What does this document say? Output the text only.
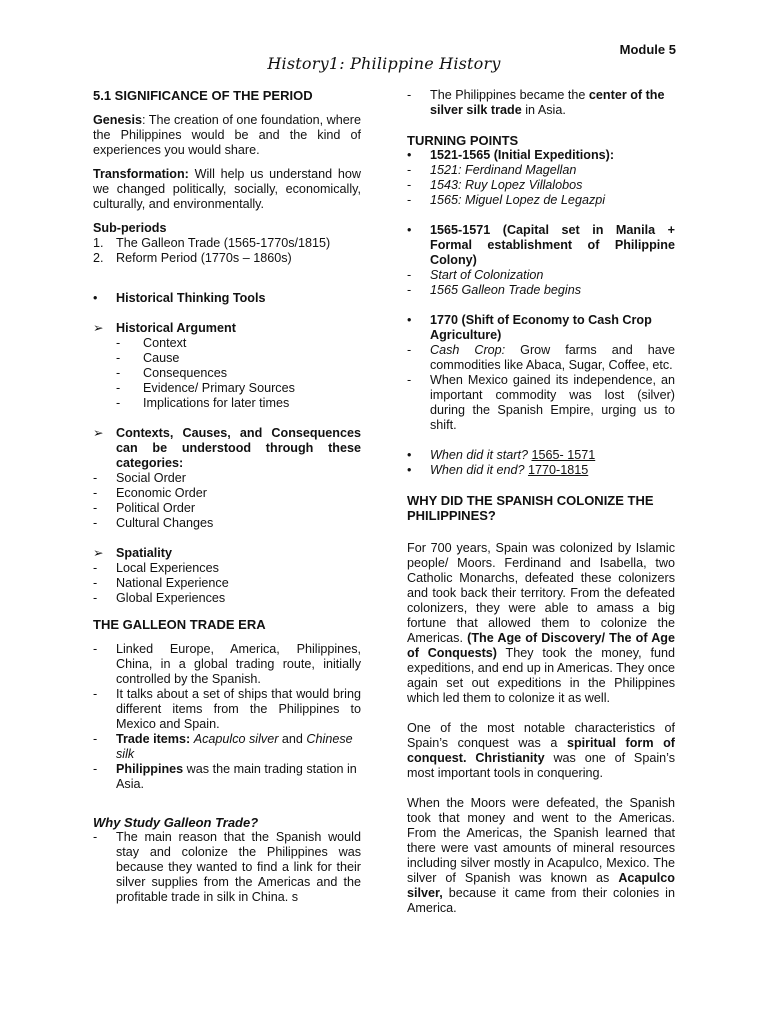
Module 5
History1: Philippine History

5.1 SIGNIFICANCE OF THE PERIOD

Genesis: The creation of one foundation, where the Philippines would be and the kind of experiences you would share.

Transformation: Will help us understand how we changed politically, socially, economically, culturally, and environmentally.

Sub-periods

1. The Galleon Trade (1565-1770s/1815)
2. Reform Period (1770s – 1860s)
•	Historical Thinking Tools
➢ Historical Argument
-	Context
-	Cause
-	Consequences
-	Evidence/ Primary Sources
-	Implications for later times
➢ Contexts, Causes, and Consequences can be understood through these categories:
-	Social Order
-	Economic Order
-	Political Order
-	Cultural Changes
➢ Spatiality
-	Local Experiences
-	National Experience
-	Global Experiences

THE GALLEON TRADE ERA

-	Linked Europe, America, Philippines, China, in a global trading route, initially controlled by the Spanish.
-	It talks about a set of ships that would bring different items from the Philippines to Mexico and Spain.
-	Trade items: Acapulco silver and Chinese silk
-	Philippines was the main trading station in Asia.

Why Study Galleon Trade?

-	The main reason that the Spanish would stay and colonize the Philippines was because they wanted to find a link for their silver supplies from the Americas and the profitable trade in silk in China. s
-	The Philippines became the center of the silver silk trade in Asia.

TURNING POINTS

•	1521-1565 (Initial Expeditions):
-	1521: Ferdinand Magellan
-	1543: Ruy Lopez Villalobos
-	1565: Miguel Lopez de Legazpi
•	1565-1571 (Capital set in Manila + Formal establishment of Philippine Colony)
-	Start of Colonization
-	1565 Galleon Trade begins
•	1770 (Shift of Economy to Cash Crop Agriculture)
-	Cash Crop: Grow farms and have commodities like Abaca, Sugar, Coffee, etc.
-	When Mexico gained its independence, an important commodity was lost (silver) during the Spanish Empire, urging us to shift.
•	When did it start? 1565- 1571
•	When did it end? 1770-1815

WHY DID THE SPANISH COLONIZE THE PHILIPPINES?

For 700 years, Spain was colonized by Islamic people/ Moors. Ferdinand and Isabella, two Catholic Monarchs, defeated these colonizers and took back their territory. From the defeated colonizers, they were able to amass a big fortune that allowed them to colonize the Americas. (The Age of Discovery/ The of Age of Conquests) They took the money, fund expeditions, and end up in Americas. They once again set out expeditions in the Philippines which led them to colonize it as well.

One of the most notable characteristics of Spain’s conquest was a spiritual form of conquest. Christianity was one of Spain’s most important tools in conquering.

When the Moors were defeated, the Spanish took that money and went to the Americas. From the Americas, the Spanish learned that there were vast amounts of mineral resources including silver mostly in Acapulco, Mexico. The silver of Spanish was known as Acapulco silver, because it came from their colonies in America.
